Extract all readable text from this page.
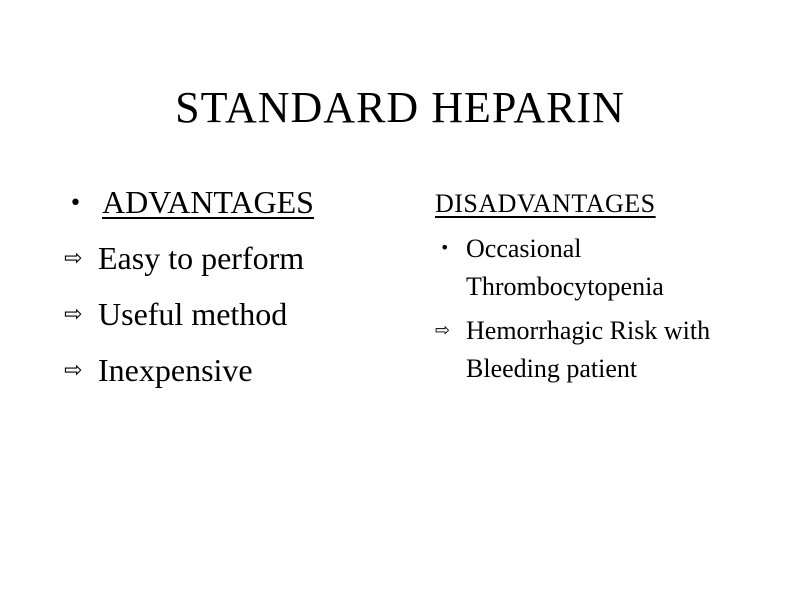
STANDARD HEPARIN
• ADVANTAGES
⇨ Easy to perform
⇨ Useful method
⇨ Inexpensive
DISADVANTAGES
• Occasional Thrombocytopenia
⇨ Hemorrhagic Risk with Bleeding patient
